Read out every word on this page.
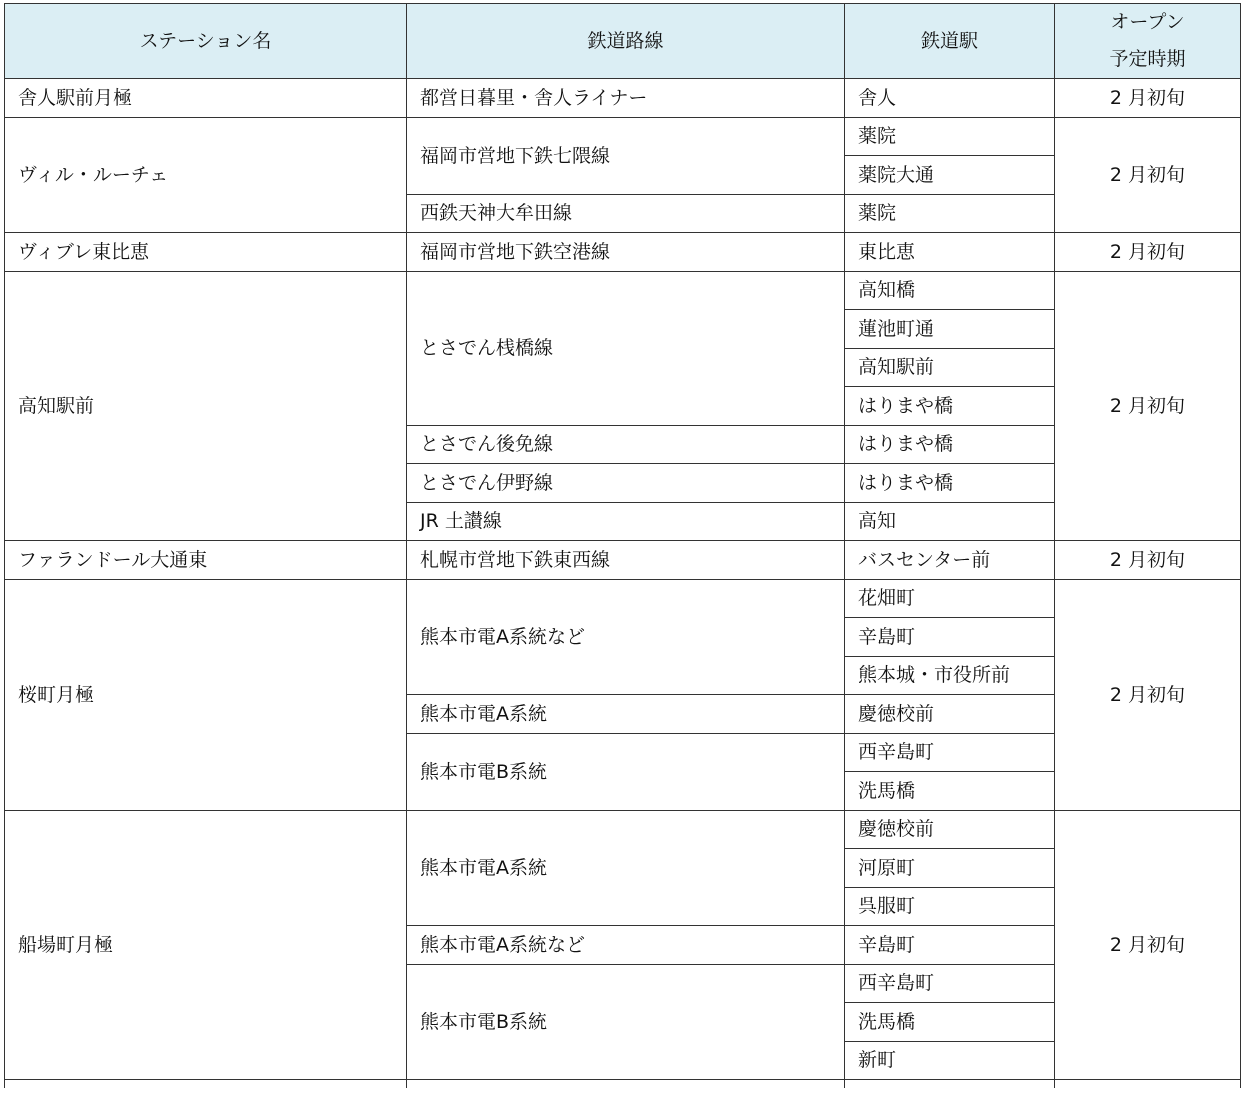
ステーション名	鉄道路線	鉄道駅	オープン
予定時期
舎人駅前月極	都営日暮里・舎人ライナー	舎人	2 月初旬
ヴィル・ルーチェ	福岡市営地下鉄七隈線	薬院	2 月初旬
		薬院大通	
	西鉄天神大牟田線	薬院	
ヴィブレ東比恵	福岡市営地下鉄空港線	東比恵	2 月初旬
高知駅前	とさでん桟橋線	高知橋	2 月初旬
		蓮池町通	
		高知駅前	
		はりまや橋	
	とさでん後免線	はりまや橋	
	とさでん伊野線	はりまや橋	
	JR 土讃線	高知	
ファランドール大通東	札幌市営地下鉄東西線	バスセンター前	2 月初旬
桜町月極	熊本市電A系統など	花畑町	2 月初旬
		辛島町	
		熊本城・市役所前	
	熊本市電A系統	慶徳校前	
	熊本市電B系統	西辛島町	
		洗馬橋	
船場町月極	熊本市電A系統	慶徳校前	2 月初旬
		河原町	
		呉服町	
	熊本市電A系統など	辛島町	
	熊本市電B系統	西辛島町	
		洗馬橋	
		新町	
